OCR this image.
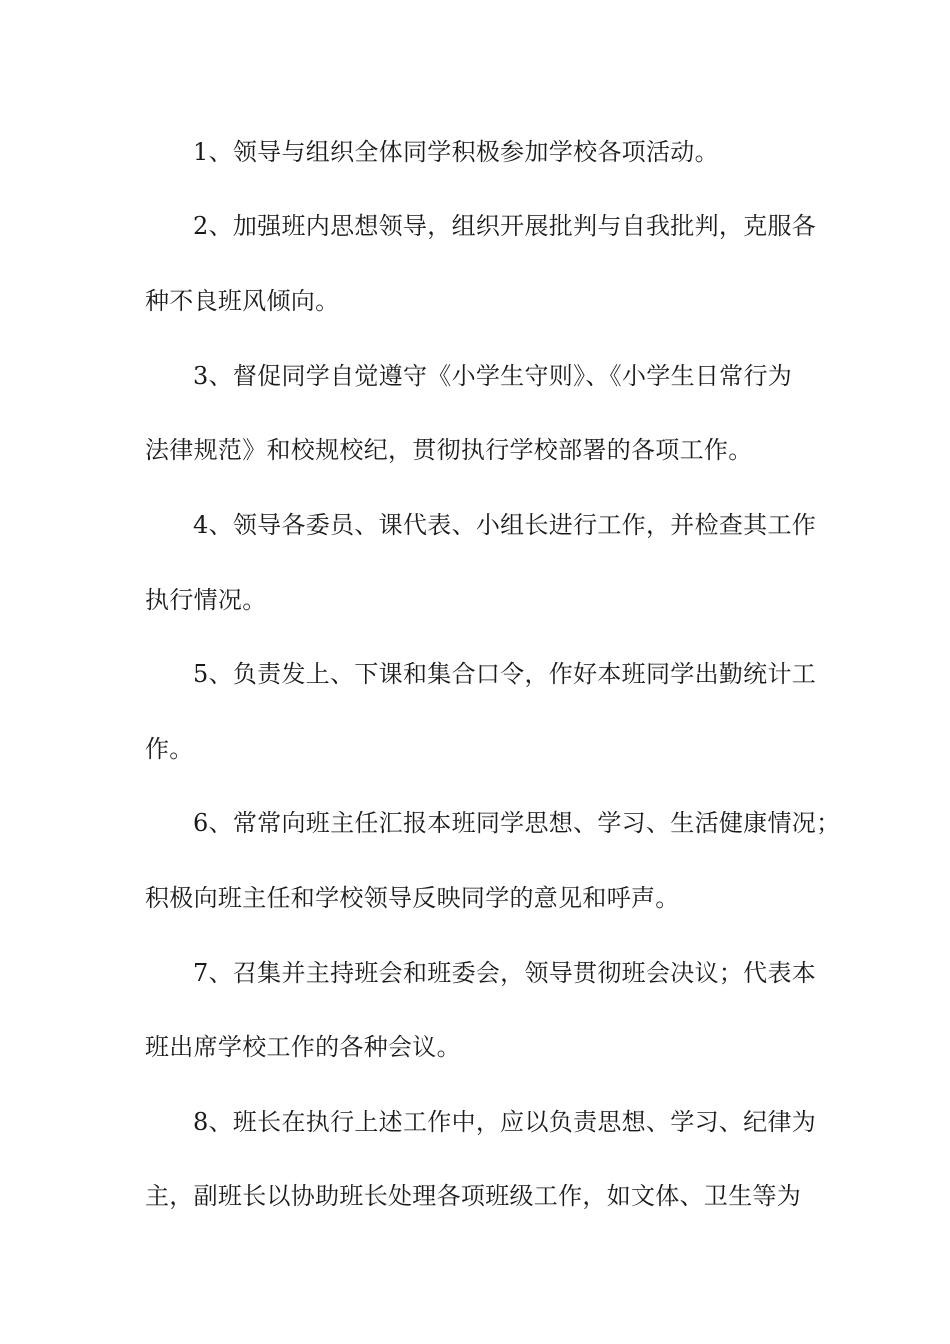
1、领导与组织全体同学积极参加学校各项活动。
2、加强班内思想领导，组织开展批判与自我批判，克服各
种不良班风倾向。
3、督促同学自觉遵守《小学生守则》、《小学生日常行为
法律规范》和校规校纪，贯彻执行学校部署的各项工作。
4、领导各委员、课代表、小组长进行工作，并检查其工作
执行情况。
5、负责发上、下课和集合口令，作好本班同学出勤统计工
作。
6、常常向班主任汇报本班同学思想、学习、生活健康情况；
积极向班主任和学校领导反映同学的意见和呼声。
7、召集并主持班会和班委会，领导贯彻班会决议；代表本
班出席学校工作的各种会议。
8、班长在执行上述工作中，应以负责思想、学习、纪律为
主，副班长以协助班长处理各项班级工作，如文体、卫生等为
